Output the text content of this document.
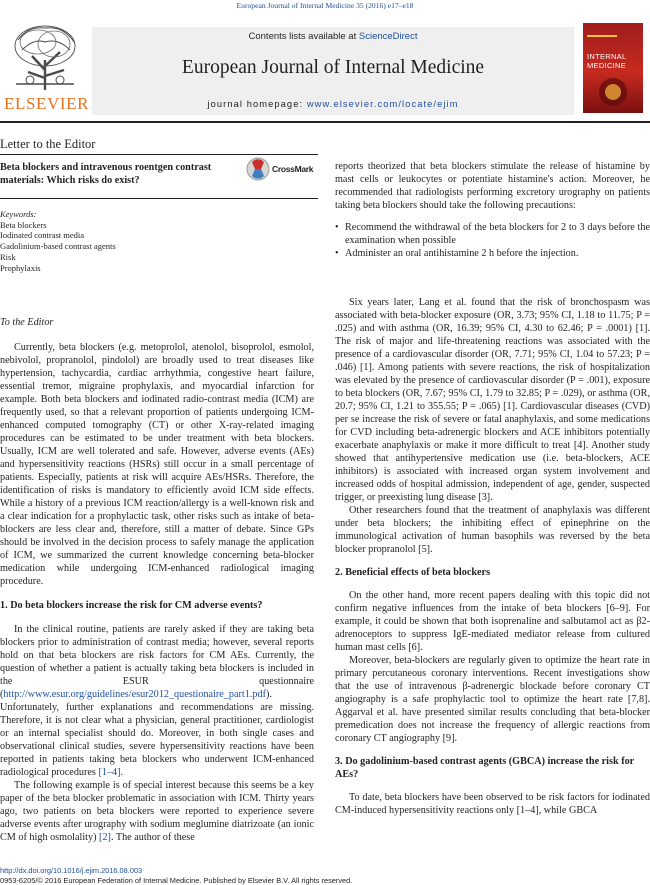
European Journal of Internal Medicine 35 (2016) e17–e18
ELSEVIER
Contents lists available at ScienceDirect
European Journal of Internal Medicine
journal homepage: www.elsevier.com/locate/ejim
INTERNAL MEDICINE
Letter to the Editor
Beta blockers and intravenous roentgen contrast materials: Which risks do exist?
CrossMark
Keywords:
Beta blockers
Iodinated contrast media
Gadolinium-based contrast agents
Risk
Prophylaxis

To the Editor

Currently, beta blockers (e.g. metoprolol, atenolol, bisoprolol, esmolol, nebivolol, propranolol, pindolol) are broadly used to treat diseases like hypertension, tachycardia, cardiac arrhythmia, congestive heart failure, essential tremor, migraine prophylaxis, and myocardial infarction for example. Both beta blockers and iodinated radio-contrast media (ICM) are frequently used, so that a relevant proportion of patients undergoing ICM-enhanced computed tomography (CT) or other X-ray-related imaging procedures can be estimated to be under treatment with beta blockers. Usually, ICM are well tolerated and safe. However, adverse events (AEs) and hypersensitivity reactions (HSRs) still occur in a small percentage of patients. Especially, patients at risk will acquire AEs/HSRs. Therefore, the identification of risks is mandatory to efficiently avoid ICM side effects. While a history of a previous ICM reaction/allergy is a well-known risk and a clear indication for a prophylactic task, other risks such as intake of beta-blockers are less clear and, therefore, still a matter of debate. Since GPs should be involved in the decision process to safely manage the application of ICM, we summarized the current knowledge concerning beta-blocker medication while undergoing ICM-enhanced radiological imaging procedure.

1. Do beta blockers increase the risk for CM adverse events?

In the clinical routine, patients are rarely asked if they are taking beta blockers prior to administration of contrast media; however, several reports hold on that beta blockers are risk factors for CM AEs. Currently, the question of whether a patient is actually taking beta blockers is included in the ESUR questionnaire (http://www.esur.org/guidelines/esur2012_questionaire_part1.pdf). Unfortunately, further explanations and recommendations are missing. Therefore, it is not clear what a physician, general practitioner, cardiologist or an internal specialist should do. Moreover, in both single cases and observational clinical studies, severe hypersensitivity reactions have been reported in patients taking beta blockers who underwent ICM-enhanced radiological procedures [1–4].

The following example is of special interest because this seems be a key paper of the beta blocker problematic in association with ICM. Thirty years ago, two patients on beta blockers were reported to experience severe adverse events after urography with sodium meglumine diatrizoate (an ionic CM of high osmolality) [2]. The author of these

reports theorized that beta blockers stimulate the release of histamine by mast cells or leukocytes or potentiate histamine's action. Moreover, he recommended that radiologists performing excretory urography on patients taking beta blockers should take the following precautions:

• Recommend the withdrawal of the beta blockers for 2 to 3 days before the examination when possible
• Administer an oral antihistamine 2 h before the injection.

Six years later, Lang et al. found that the risk of bronchospasm was associated with beta-blocker exposure (OR, 3.73; 95% CI, 1.18 to 11.75; P = .025) and with asthma (OR, 16.39; 95% CI, 4.30 to 62.46; P = .0001) [1]. The risk of major and life-threatening reactions was associated with the presence of a cardiovascular disorder (OR, 7.71; 95% CI, 1.04 to 57.23; P = .046) [1]. Among patients with severe reactions, the risk of hospitalization was elevated by the presence of cardiovascular disorder (P = .001), exposure to beta blockers (OR, 7.67; 95% CI, 1.79 to 32.85; P = .029), or asthma (OR, 20.7; 95% CI, 1.21 to 355.55; P = .065) [1]. Cardiovascular diseases (CVD) per se increase the risk of severe or fatal anaphylaxis, and some medications for CVD including beta-adrenergic blockers and ACE inhibitors potentially exacerbate anaphylaxis or make it more difficult to treat [4]. Another study showed that antihypertensive medication use (i.e. beta-blockers, ACE inhibitors) is associated with increased organ system involvement and increased odds of hospital admission, independent of age, gender, suspected trigger, or preexisting lung disease [3].

Other researchers found that the treatment of anaphylaxis was different under beta blockers; the inhibiting effect of epinephrine on the immunological activation of human basophils was reversed by the beta blocker propranolol [5].

2. Beneficial effects of beta blockers

On the other hand, more recent papers dealing with this topic did not confirm negative influences from the intake of beta blockers [6–9]. For example, it could be shown that both isoprenaline and salbutamol act as β2-adrenoceptors to suppress IgE-mediated mediator release from cultured human mast cells [6].

Moreover, beta-blockers are regularly given to optimize the heart rate in primary percutaneous coronary interventions. Recent investigations show that the use of intravenous β-adrenergic blockade before coronary CT angiography is a safe prophylactic tool to optimize the heart rate [7,8]. Aggarval et al. have presented similar results concluding that beta-blocker premedication does not increase the frequency of allergic reactions from coronary CT angiography [9].

3. Do gadolinium-based contrast agents (GBCA) increase the risk for AEs?

To date, beta blockers have been observed to be risk factors for iodinated CM-induced hypersensitivity reactions only [1–4], while GBCA

http://dx.doi.org/10.1016/j.ejim.2016.08.003
0953-6205/© 2016 European Federation of Internal Medicine. Published by Elsevier B.V. All rights reserved.
